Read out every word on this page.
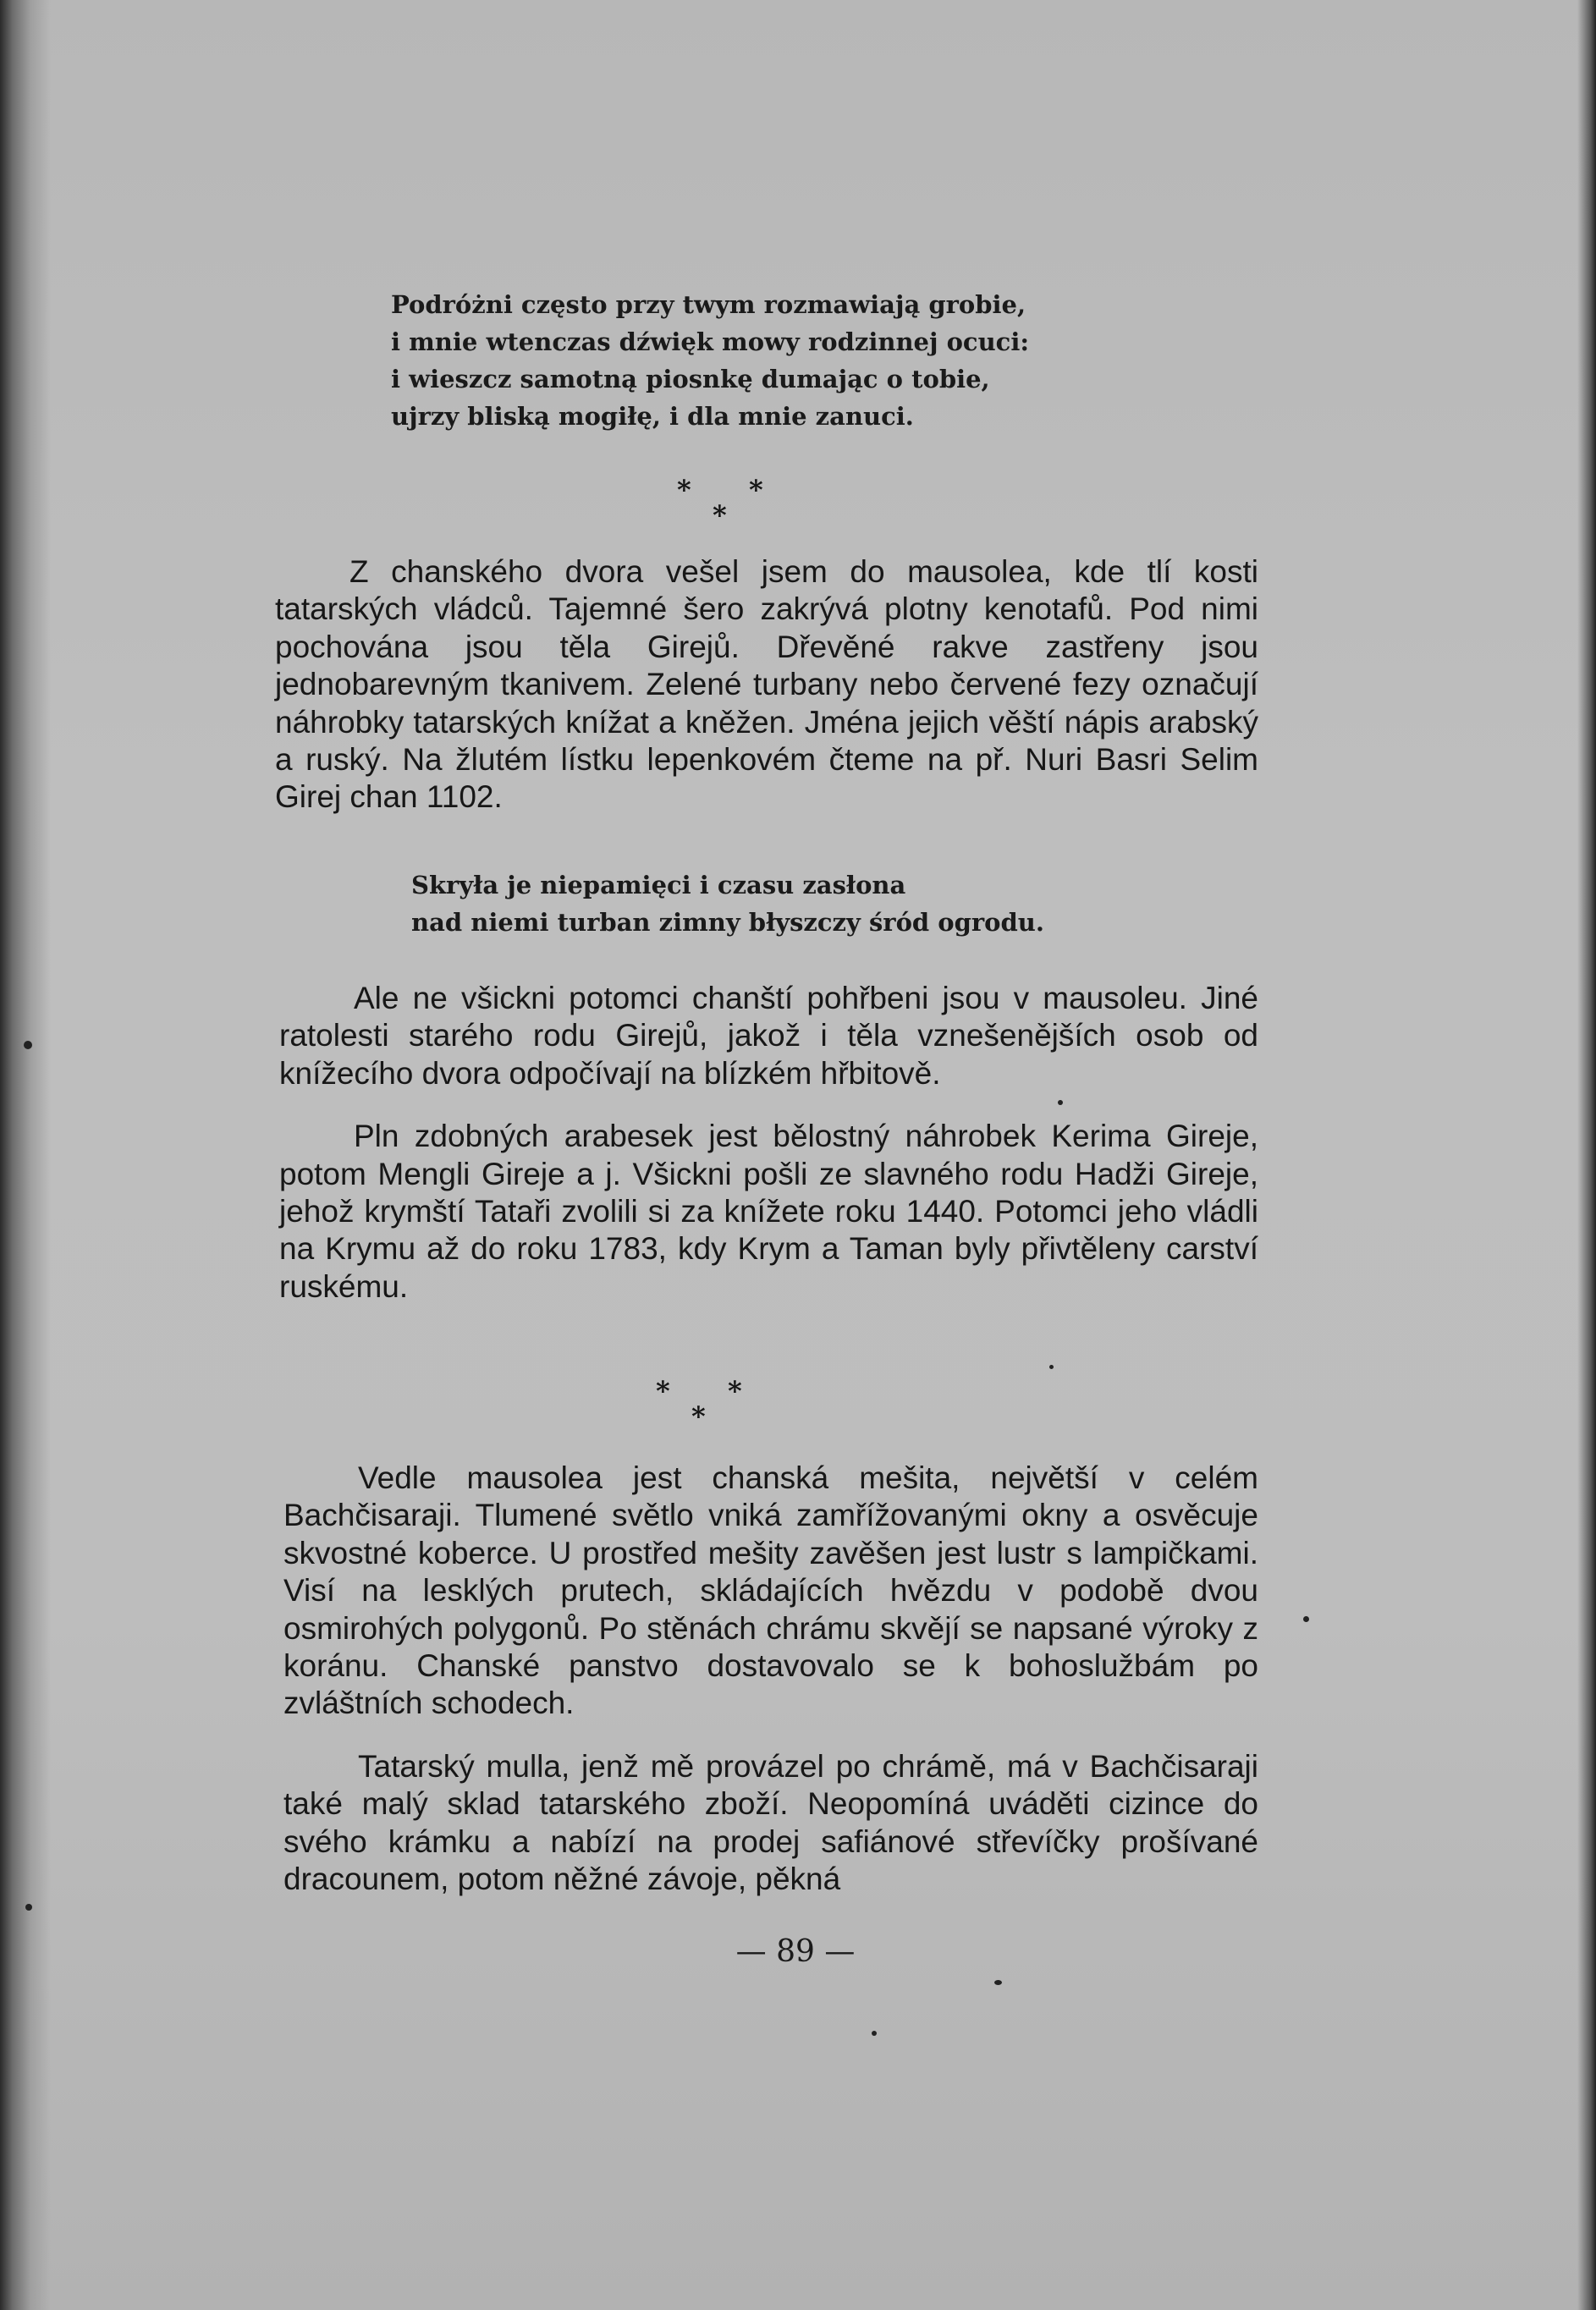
Podróżni często przy twym rozmawiają grobie,
i mnie wtenczas dźwięk mowy rodzinnej ocuci:
i wieszcz samotną piosnkę dumając o tobie,
ujrzy bliską mogiłę, i dla mnie zanuci.
* *
*

Z chanského dvora vešel jsem do mausolea, kde tlí kosti tatarských vládců. Tajemné šero zakrývá plotny kenotafů. Pod nimi pochována jsou těla Girejů. Dřevěné rakve zastřeny jsou jednobarevným tkanivem. Zelené turbany nebo červené fezy označují náhrobky tatarských knížat a kněžen. Jména jejich věští nápis arabský a ruský. Na žlutém lístku lepenkovém čteme na př. Nuri Basri Selim Girej chan 1102.

Skryła je niepamięci i czasu zasłona
nad niemi turban zimny błyszczy śród ogrodu.

Ale ne všickni potomci chanští pohřbeni jsou v mausoleu. Jiné ratolesti starého rodu Girejů, jakož i těla vznešenějších osob od knížecího dvora odpočívají na blízkém hřbitově.

Pln zdobných arabesek jest bělostný náhrobek Kerima Gireje, potom Mengli Gireje a j. Všickni pošli ze slavného rodu Hadži Gireje, jehož krymští Tataři zvolili si za knížete roku 1440. Potomci jeho vládli na Krymu až do roku 1783, kdy Krym a Taman byly přivtěleny carství ruskému.

* *
*

Vedle mausolea jest chanská mešita, největší v celém Bachčisaraji. Tlumené světlo vniká zamřížovanými okny a osvěcuje skvostné koberce. U prostřed mešity zavěšen jest lustr s lampičkami. Visí na lesklých prutech, skládajících hvězdu v podobě dvou osmirohých polygonů. Po stěnách chrámu skvějí se napsané výroky z koránu. Chanské panstvo dostavovalo se k bohoslužbám po zvláštních schodech.

Tatarský mulla, jenž mě provázel po chrámě, má v Bachčisaraji také malý sklad tatarského zboží. Neopomíná uváděti cizince do svého krámku a nabízí na prodej safiánové střevíčky prošívané dracounem, potom něžné závoje, pěkná

— 89 —
